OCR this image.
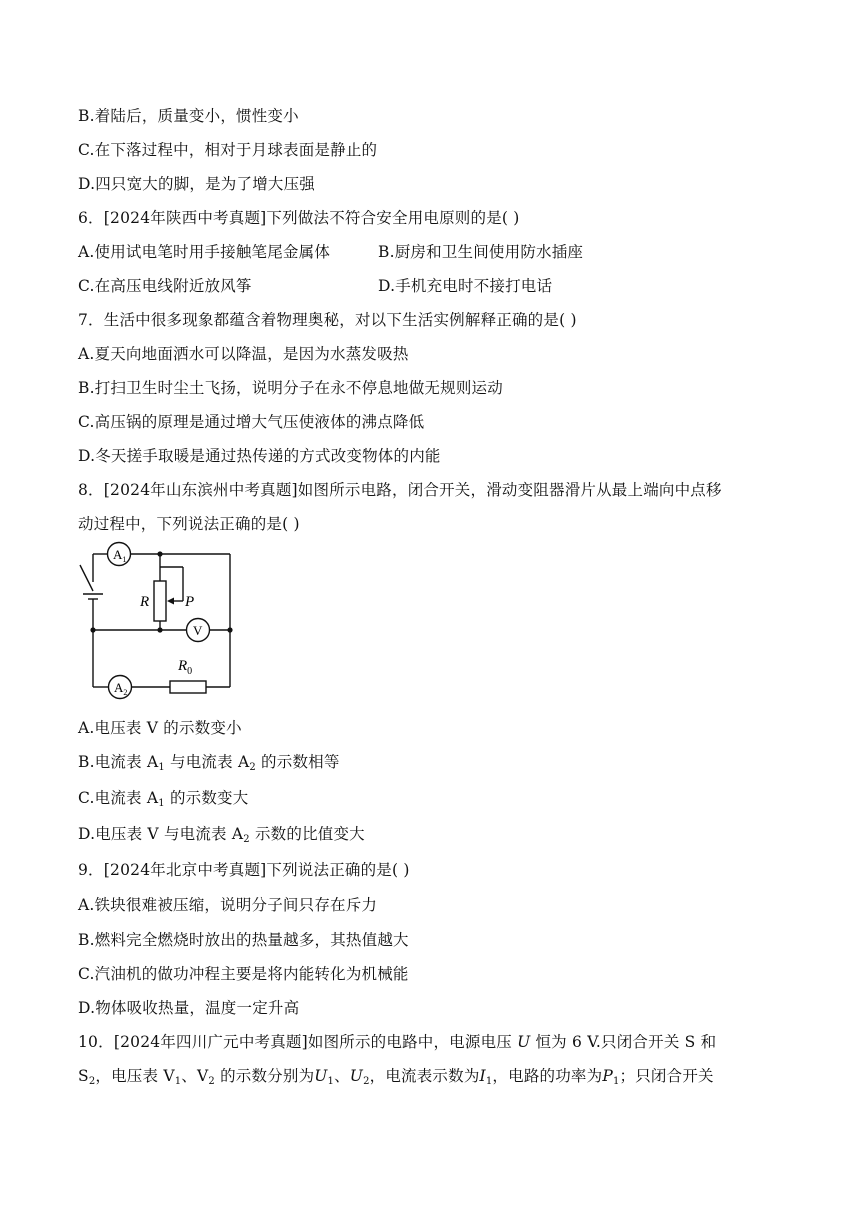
B.着陆后，质量变小，惯性变小
C.在下落过程中，相对于月球表面是静止的
D.四只宽大的脚，是为了增大压强
6．[2024年陕西中考真题]下列做法不符合安全用电原则的是( )
A.使用试电笔时用手接触笔尾金属体	B.厨房和卫生间使用防水插座
C.在高压电线附近放风筝	D.手机充电时不接打电话
7．生活中很多现象都蕴含着物理奥秘，对以下生活实例解释正确的是( )
A.夏天向地面洒水可以降温，是因为水蒸发吸热
B.打扫卫生时尘土飞扬，说明分子在永不停息地做无规则运动
C.高压锅的原理是通过增大气压使液体的沸点降低
D.冬天搓手取暖是通过热传递的方式改变物体的内能
8．[2024年山东滨州中考真题]如图所示电路，闭合开关，滑动变阻器滑片从最上端向中点移
动过程中，下列说法正确的是( )
$A_1$
V
$A_2$
R P
$R_0$
A.电压表 V 的示数变小
B.电流表 $A_1$ 与电流表 $A_2$ 的示数相等
C.电流表 $A_1$ 的示数变大
D.电压表 V 与电流表 $A_2$ 示数的比值变大
9．[2024年北京中考真题]下列说法正确的是( )
A.铁块很难被压缩，说明分子间只存在斥力
B.燃料完全燃烧时放出的热量越多，其热值越大
C.汽油机的做功冲程主要是将内能转化为机械能
D.物体吸收热量，温度一定升高
10．[2024年四川广元中考真题]如图所示的电路中，电源电压 U 恒为 6 V.只闭合开关 S 和
$S_2$，电压表 $V_1$、$V_2$ 的示数分别为$U_1$、$U_2$，电流表示数为$I_1$，电路的功率为$P_1$；只闭合开关
